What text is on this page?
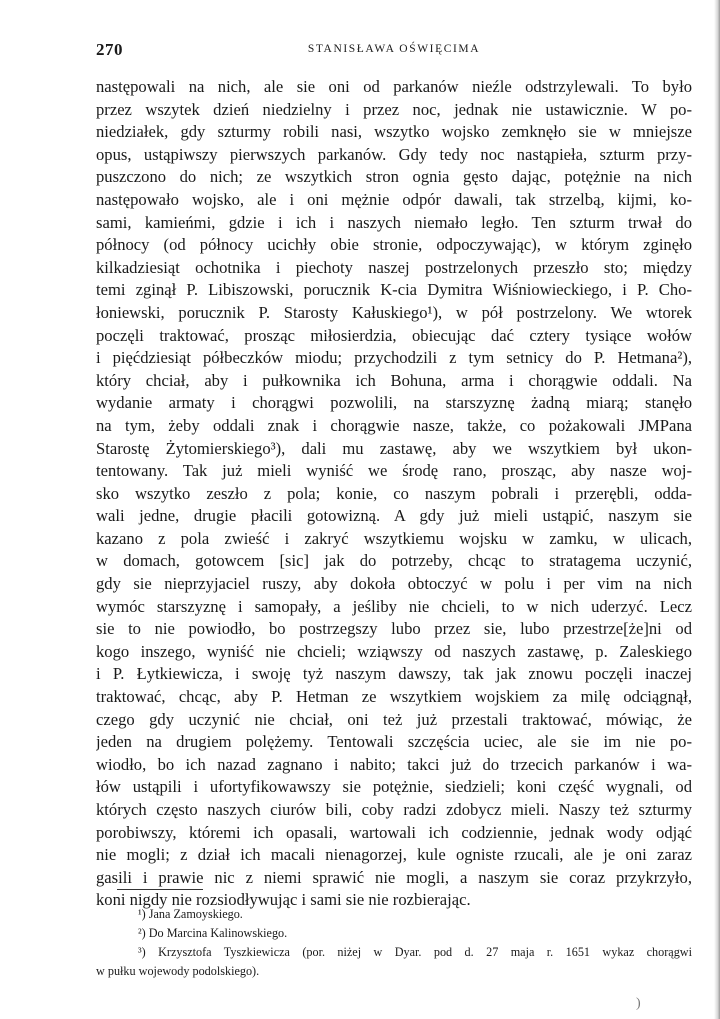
270	STANISŁAWA OŚWIĘCIMA
następowali na nich, ale sie oni od parkanów nieźle odstrzylewali. To było
przez wszytek dzień niedzielny i przez noc, jednak nie ustawicznie. W po-
niedziałek, gdy szturmy robili nasi, wszytko wojsko zemknęło sie w mniejsze
opus, ustąpiwszy pierwszych parkanów. Gdy tedy noc nastąpieła, szturm przy-
puszczono do nich; ze wszytkich stron ognia gęsto dając, potężnie na nich
następowało wojsko, ale i oni mężnie odpór dawali, tak strzelbą, kijmi, ko-
sami, kamieńmi, gdzie i ich i naszych niemało legło. Ten szturm trwał do
północy (od północy ucichły obie stronie, odpoczywając), w którym zginęło
kilkadziesiąt ochotnika i piechoty naszej postrzelonych przeszło sto; między
temi zginął P. Libiszowski, porucznik K-cia Dymitra Wiśniowieckiego, i P. Cho-
łoniewski, porucznik P. Starosty Kałuskiego¹), w pół postrzelony. We wtorek
poczęli traktować, prosząc miłosierdzia, obiecując dać cztery tysiące wołów
i pięćdziesiąt półbeczków miodu; przychodzili z tym setnicy do P. Hetmana²),
który chciał, aby i pułkownika ich Bohuna, arma i chorągwie oddali. Na
wydanie armaty i chorągwi pozwolili, na starszyznę żadną miarą; stanęło
na tym, żeby oddali znak i chorągwie nasze, także, co pożakowali JMPana
Starostę Żytomierskiego³), dali mu zastawę, aby we wszytkiem był ukon-
tentowany. Tak już mieli wyniść we środę rano, prosząc, aby nasze woj-
sko wszytko zeszło z pola; konie, co naszym pobrali i przerębli, odda-
wali jedne, drugie płacili gotowizną. A gdy już mieli ustąpić, naszym sie
kazano z pola zwieść i zakryć wszytkiemu wojsku w zamku, w ulicach,
w domach, gotowcem [sic] jak do potrzeby, chcąc to stratagema uczynić,
gdy sie nieprzyjaciel ruszy, aby dokoła obtoczyć w polu i per vim na nich
wymóc starszyznę i samopały, a jeśliby nie chcieli, to w nich uderzyć. Lecz
sie to nie powiodło, bo postrzegszy lubo przez sie, lubo przestrze[że]ni od
kogo inszego, wyniść nie chcieli; wziąwszy od naszych zastawę, p. Zaleskiego
i P. Łytkiewicza, i swoję tyż naszym dawszy, tak jak znowu poczęli inaczej
traktować, chcąc, aby P. Hetman ze wszytkiem wojskiem za milę odciągnął,
czego gdy uczynić nie chciał, oni też już przestali traktować, mówiąc, że
jeden na drugiem polężemy. Tentowali szczęścia uciec, ale sie im nie po-
wiodło, bo ich nazad zagnano i nabito; takci już do trzecich parkanów i wa-
łów ustąpili i ufortyfikowawszy sie potężnie, siedzieli; koni część wygnali, od
których często naszych ciurów bili, coby radzi zdobycz mieli. Naszy też szturmy
porobiwszy, któremi ich opasali, wartowali ich codziennie, jednak wody odjąć
nie mogli; z dział ich macali nienagorzej, kule ogniste rzucali, ale je oni zaraz
gasili i prawie nic z niemi sprawić nie mogli, a naszym sie coraz przykrzyło,
koni nigdy nie rozsiodływując i sami sie nie rozbierając.
¹) Jana Zamoyskiego.
²) Do Marcina Kalinowskiego.
³) Krzysztofa Tyszkiewicza (por. niżej w Dyar. pod d. 27 maja r. 1651 wykaz chorągwi
w pułku wojewody podolskiego).
)
